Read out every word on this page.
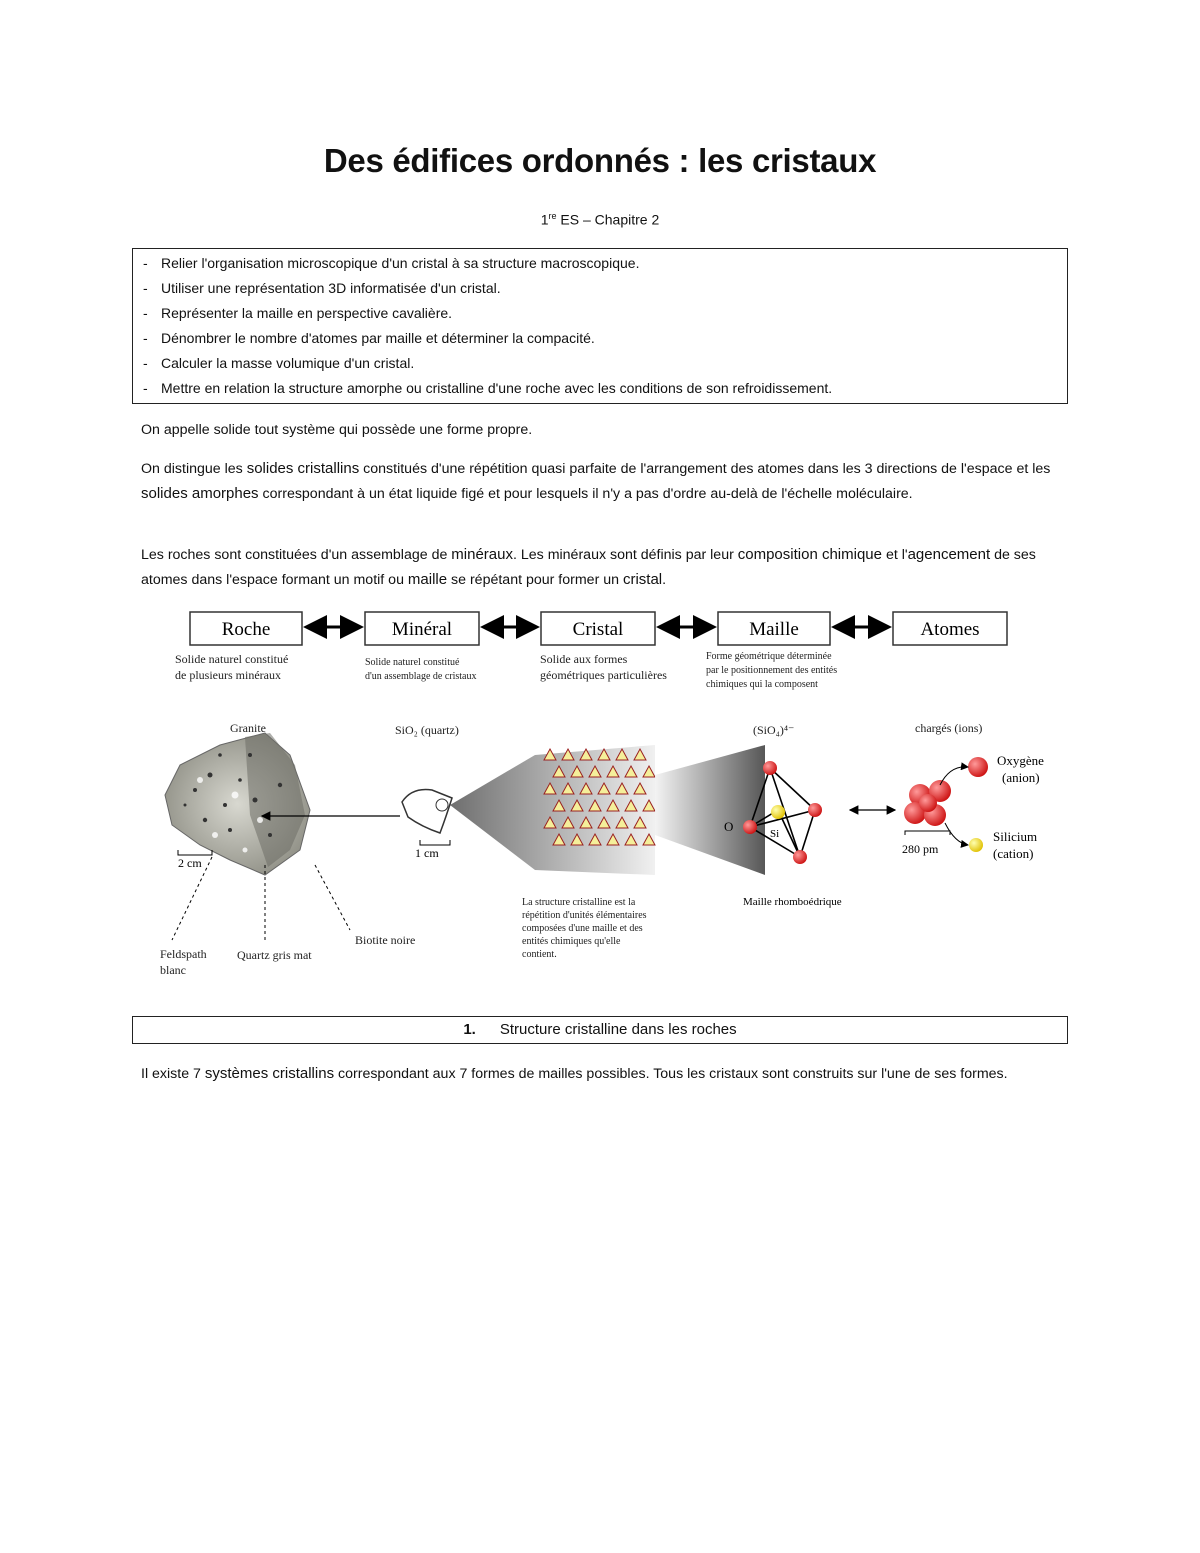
Des édifices ordonnés : les cristaux
1re ES – Chapitre 2
- Relier l'organisation microscopique d'un cristal à sa structure macroscopique.
- Utiliser une représentation 3D informatisée d'un cristal.
- Représenter la maille en perspective cavalière.
- Dénombrer le nombre d'atomes par maille et déterminer la compacité.
- Calculer la masse volumique d'un cristal.
- Mettre en relation la structure amorphe ou cristalline d'une roche avec les conditions de son refroidissement.
On appelle solide tout système qui possède une forme propre.
On distingue les solides cristallins constitués d'une répétition quasi parfaite de l'arrangement des atomes dans les 3 directions de l'espace et les solides amorphes correspondant à un état liquide figé et pour lesquels il n'y a pas d'ordre au-delà de l'échelle moléculaire.
Les roches sont constituées d'un assemblage de minéraux. Les minéraux sont définis par leur composition chimique et l'agencement de ses atomes dans l'espace formant un motif ou maille se répétant pour former un cristal.
Roche	Minéral	Cristal	Maille	Atomes
Solide naturel constitué
de plusieurs minéraux
Solide naturel constitué
d'un assemblage de cristaux
Solide aux formes
géométriques particulières
Forme géométrique déterminée
par le positionnement des entités
chimiques qui la composent
Granite	SiO₂ (quartz)	(SiO₄)⁴⁻	chargés (ions)
2 cm
1 cm
O	Si
Maille rhomboédrique
Oxygène
(anion)
Silicium
(cation)
280 pm
La structure cristalline est la
répétition d'unités élémentaires
composées d'une maille et des
entités chimiques qu'elle
contient.
Feldspath
blanc
Quartz gris mat
Biotite noire
1. Structure cristalline dans les roches
Il existe 7 systèmes cristallins correspondant aux 7 formes de mailles possibles. Tous les cristaux sont construits sur l'une de ses formes.
